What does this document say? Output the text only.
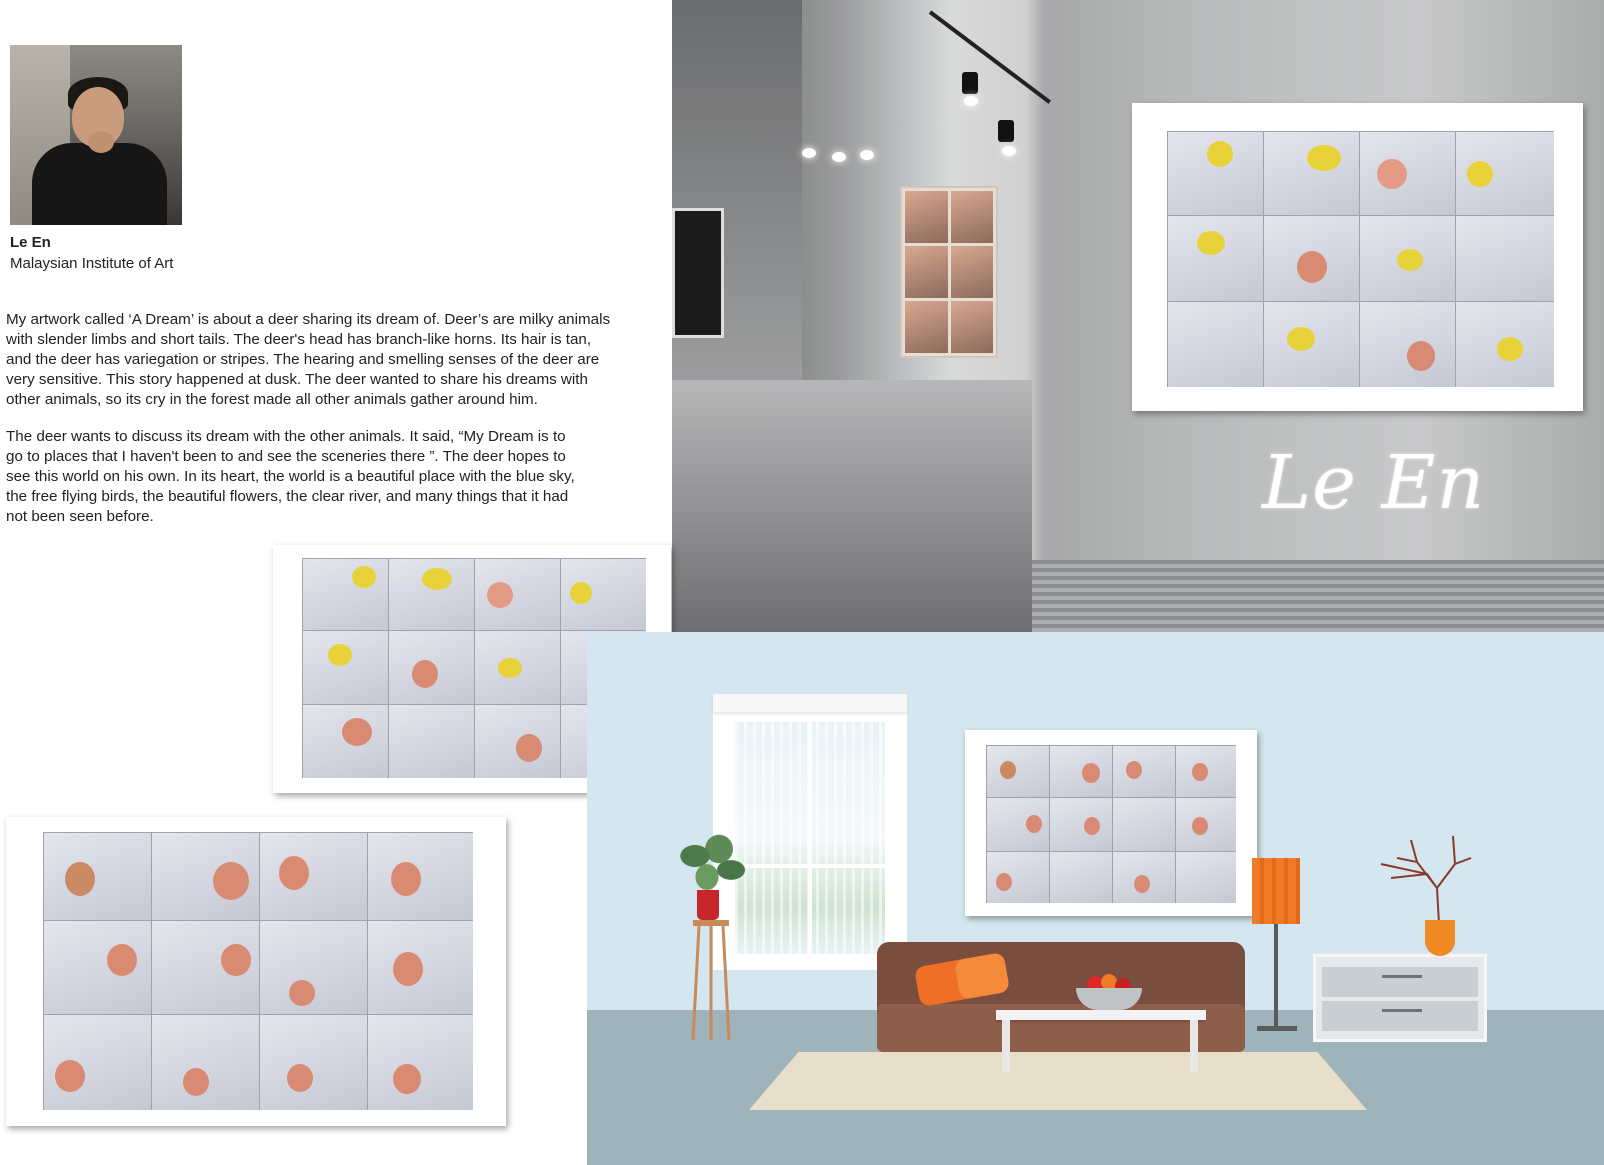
Le En
Malaysian Institute of Art
My artwork called ‘A Dream’ is about a deer sharing its dream of. Deer’s are milky animals
with slender limbs and short tails. The deer's head has branch-like horns. Its hair is tan,
and the deer has variegation or stripes. The hearing and smelling senses of the deer are
very sensitive. This story happened at dusk. The deer wanted to share his dreams with
other animals, so its cry in the forest made all other animals gather around him.
The deer wants to discuss its dream with the other animals. It said, “My Dream is to
go to places that I haven't been to and see the sceneries there ”. The deer hopes to
see this world on his own. In its heart, the world is a beautiful place with the blue sky,
the free flying birds, the beautiful flowers, the clear river, and many things that it had
not been seen before.	Le En
